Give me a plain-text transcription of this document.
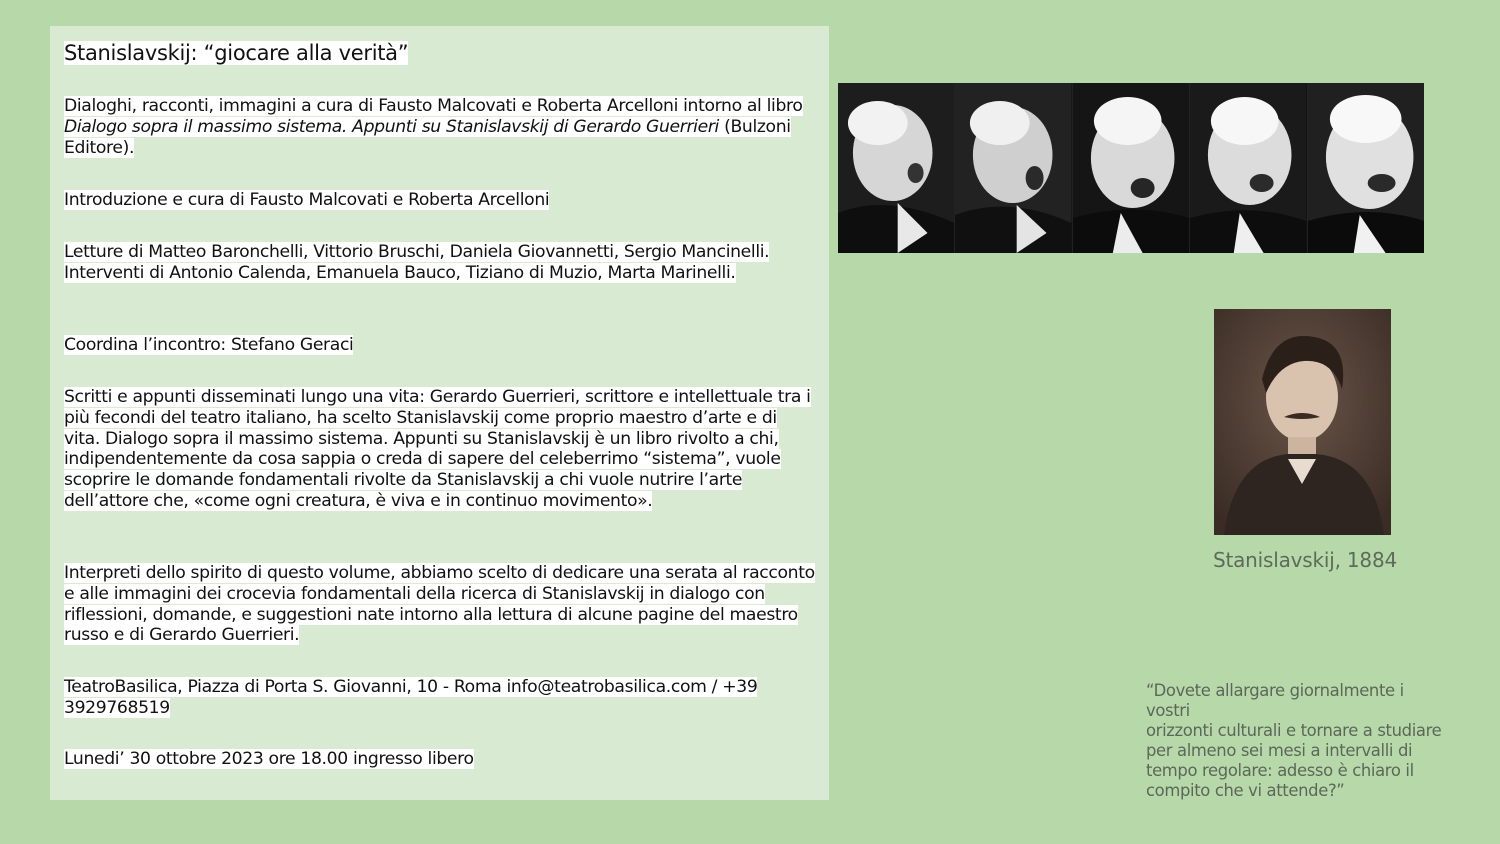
Stanislavskij: “giocare alla verità”
Dialoghi, racconti, immagini a cura di Fausto Malcovati e Roberta Arcelloni intorno al libro Dialogo sopra il massimo sistema. Appunti su Stanislavskij di Gerardo Guerrieri (Bulzoni Editore).
Introduzione e cura di Fausto Malcovati e Roberta Arcelloni
Letture di Matteo Baronchelli, Vittorio Bruschi, Daniela Giovannetti, Sergio Mancinelli. Interventi di Antonio Calenda, Emanuela Bauco, Tiziano di Muzio, Marta Marinelli.
Coordina l’incontro: Stefano Geraci
Scritti e appunti disseminati lungo una vita: Gerardo Guerrieri, scrittore e intellettuale tra i più fecondi del teatro italiano, ha scelto Stanislavskij come proprio maestro d’arte e di vita. Dialogo sopra il massimo sistema. Appunti su Stanislavskij è un libro rivolto a chi, indipendentemente da cosa sappia o creda di sapere del celeberrimo “sistema”, vuole scoprire le domande fondamentali rivolte da Stanislavskij a chi vuole nutrire l’arte dell’attore che, «come ogni creatura, è viva e in continuo movimento».
Interpreti dello spirito di questo volume, abbiamo scelto di dedicare una serata al racconto e alle immagini dei crocevia fondamentali della ricerca di Stanislavskij in dialogo con riflessioni, domande, e suggestioni nate intorno alla lettura di alcune pagine del maestro russo e di Gerardo Guerrieri.
TeatroBasilica, Piazza di Porta S. Giovanni, 10 - Roma info@teatrobasilica.com / +39 3929768519
Lunedi’ 30 ottobre 2023 ore 18.00 ingresso libero
Stanislavskij, 1884
“Dovete allargare giornalmente i
vostri
orizzonti culturali e tornare a studiare
per almeno sei mesi a intervalli di
tempo regolare: adesso è chiaro il
compito che vi attende?”
